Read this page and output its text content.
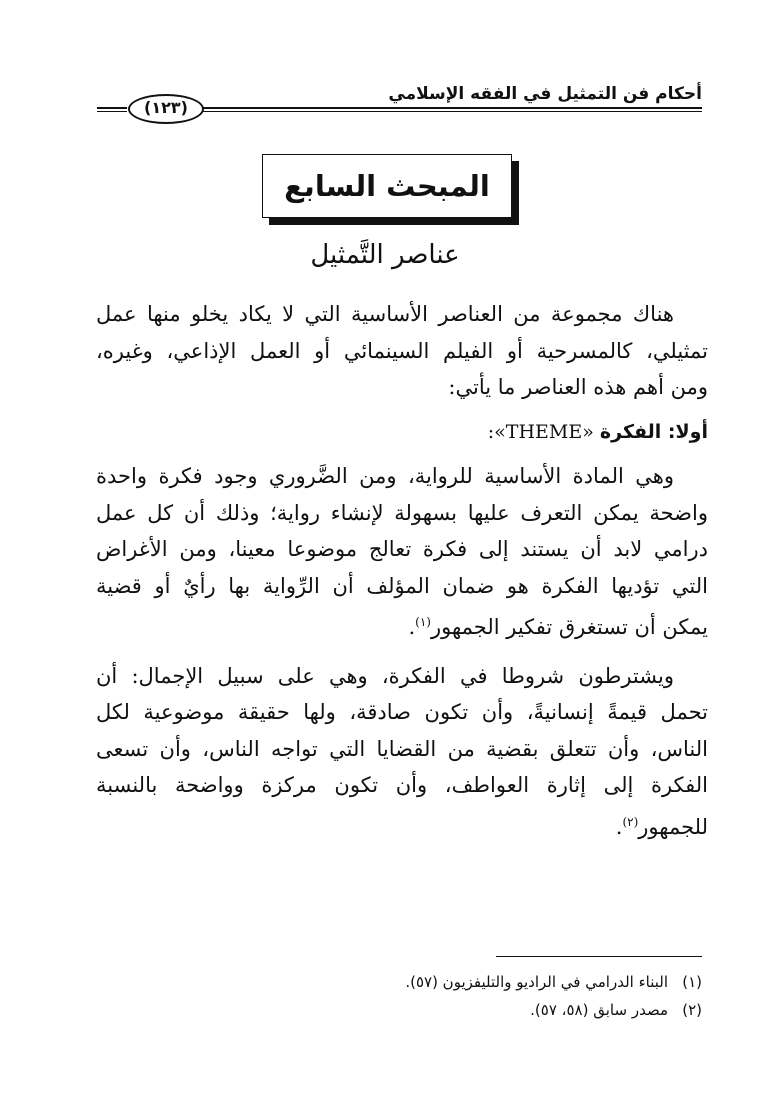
أحكام فن التمثيل في الفقه الإسلامي
(١٢٣)
المبحث السابع
عناصر التَّمثيل

هناك مجموعة من العناصر الأساسية التي لا يكاد يخلو منها عمل
تمثيلي، كالمسرحية أو الفيلم السينمائي أو العمل الإذاعي، وغيره،
ومن أهم هذه العناصر ما يأتي:

أولا: الفكرة «THEME»:

وهي المادة الأساسية للرواية، ومن الضَّروري وجود فكرة واحدة
واضحة يمكن التعرف عليها بسهولة لإنشاء رواية؛ وذلك أن كل عمل
درامي لابد أن يستند إلى فكرة تعالج موضوعا معينا، ومن الأغراض
التي تؤديها الفكرة هو ضمان المؤلف أن الرِّواية بها رأيٌ أو قضية
يمكن أن تستغرق تفكير الجمهور$^{(١)}$.

ويشترطون شروطا في الفكرة، وهي على سبيل الإجمال: أن
تحمل قيمةً إنسانيةً، وأن تكون صادقة، ولها حقيقة موضوعية لكل
الناس، وأن تتعلق بقضية من القضايا التي تواجه الناس، وأن تسعى
الفكرة إلى إثارة العواطف، وأن تكون مركزة وواضحة بالنسبة
للجمهور$^{(٢)}$.

(١)البناء الدرامي في الراديو والتليفزيون (٥٧).
(٢)مصدر سابق (٥٨، ٥٧).
